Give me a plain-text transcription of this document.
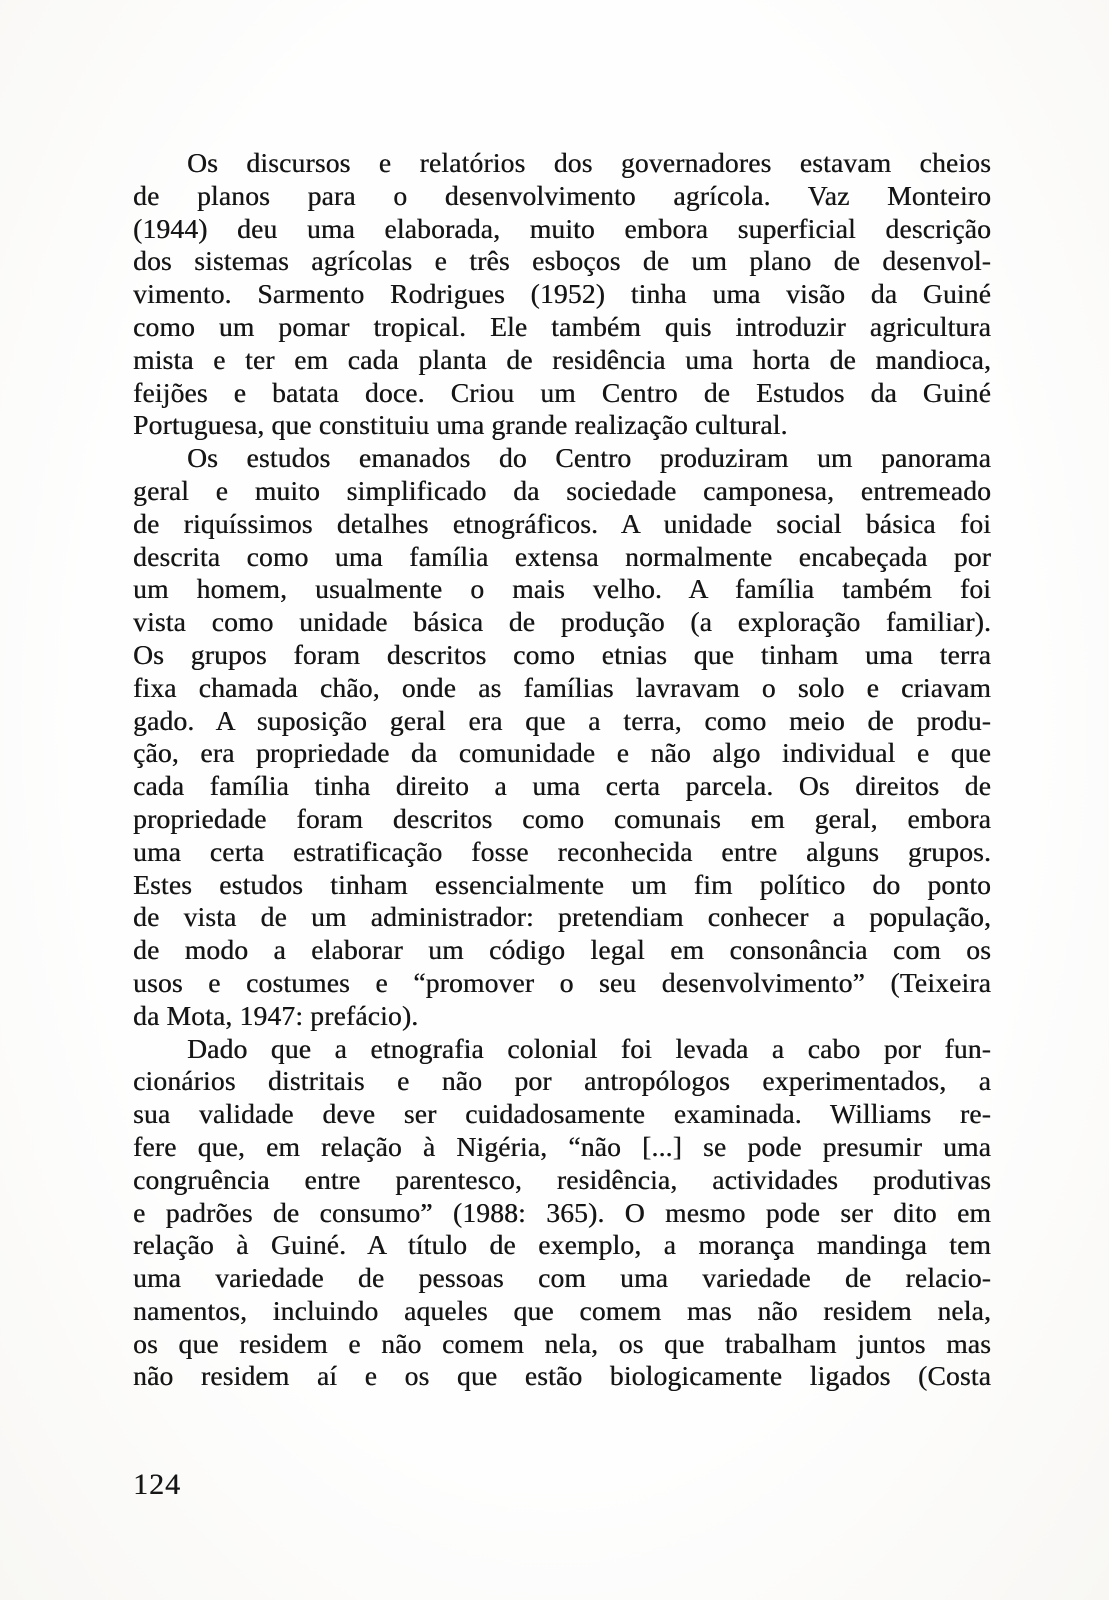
Os discursos e relatórios dos governadores estavam cheios
de planos para o desenvolvimento agrícola. Vaz Monteiro
(1944) deu uma elaborada, muito embora superficial descrição
dos sistemas agrícolas e três esboços de um plano de desenvol-
vimento. Sarmento Rodrigues (1952) tinha uma visão da Guiné
como um pomar tropical. Ele também quis introduzir agricultura
mista e ter em cada planta de residência uma horta de mandioca,
feijões e batata doce. Criou um Centro de Estudos da Guiné
Portuguesa, que constituiu uma grande realização cultural.
Os estudos emanados do Centro produziram um panorama
geral e muito simplificado da sociedade camponesa, entremeado
de riquíssimos detalhes etnográficos. A unidade social básica foi
descrita como uma família extensa normalmente encabeçada por
um homem, usualmente o mais velho. A família também foi
vista como unidade básica de produção (a exploração familiar).
Os grupos foram descritos como etnias que tinham uma terra
fixa chamada chão, onde as famílias lavravam o solo e criavam
gado. A suposição geral era que a terra, como meio de produ-
ção, era propriedade da comunidade e não algo individual e que
cada família tinha direito a uma certa parcela. Os direitos de
propriedade foram descritos como comunais em geral, embora
uma certa estratificação fosse reconhecida entre alguns grupos.
Estes estudos tinham essencialmente um fim político do ponto
de vista de um administrador: pretendiam conhecer a população,
de modo a elaborar um código legal em consonância com os
usos e costumes e “promover o seu desenvolvimento” (Teixeira
da Mota, 1947: prefácio).
Dado que a etnografia colonial foi levada a cabo por fun-
cionários distritais e não por antropólogos experimentados, a
sua validade deve ser cuidadosamente examinada. Williams re-
fere que, em relação à Nigéria, “não [...] se pode presumir uma
congruência entre parentesco, residência, actividades produtivas
e padrões de consumo” (1988: 365). O mesmo pode ser dito em
relação à Guiné. A título de exemplo, a morança mandinga tem
uma variedade de pessoas com uma variedade de relacio-
namentos, incluindo aqueles que comem mas não residem nela,
os que residem e não comem nela, os que trabalham juntos mas
não residem aí e os que estão biologicamente ligados (Costa
124
